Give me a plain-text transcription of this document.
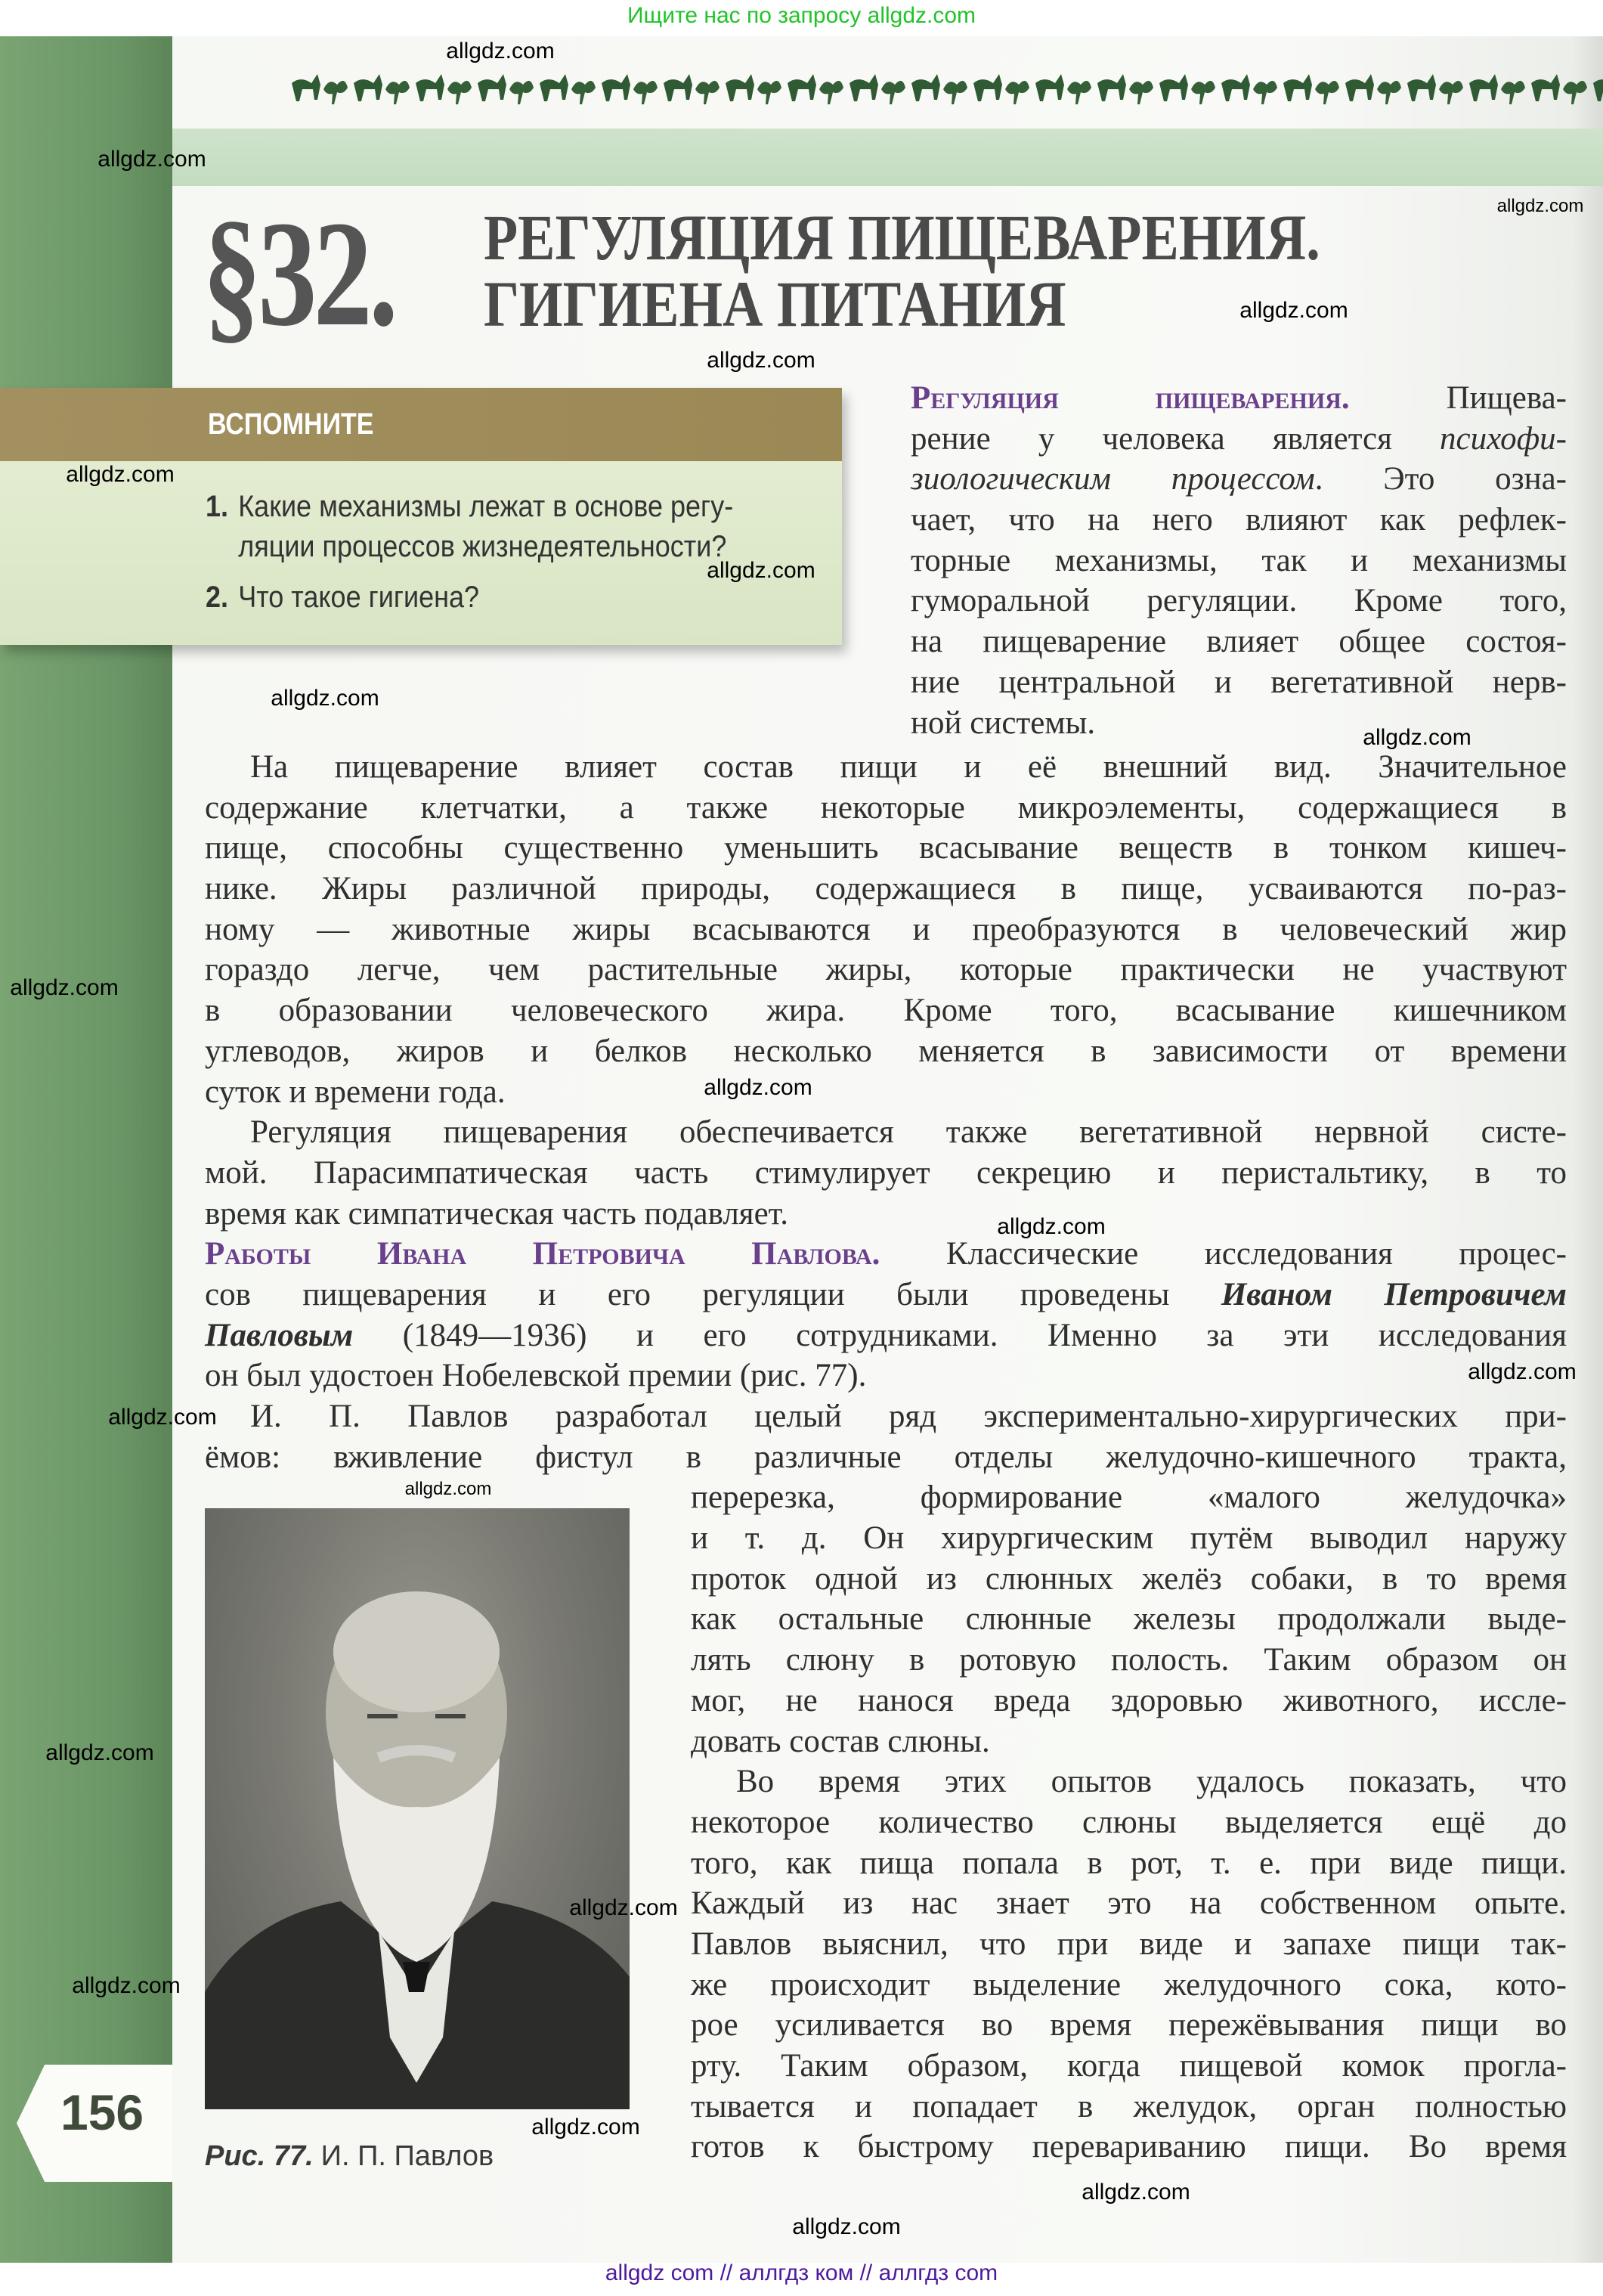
Ищите нас по запросу allgdz.com
§32. РЕГУЛЯЦИЯ ПИЩЕВАРЕНИЯ.
ГИГИЕНА ПИТАНИЯ
ВСПОМНИТЕ
1. Какие механизмы лежат в основе регу-
ляции процессов жизнедеятельности?
2. Что такое гигиена?
Регуляция пищеварения. Пищева-
рение у человека является психофи-
зиологическим процессом. Это озна-
чает, что на него влияют как рефлек-
торные механизмы, так и механизмы
гуморальной регуляции. Кроме того,
на пищеварение влияет общее состоя-
ние центральной и вегетативной нерв-
ной системы.
На пищеварение влияет состав пищи и её внешний вид. Значительное
содержание клетчатки, а также некоторые микроэлементы, содержащиеся в
пище, способны существенно уменьшить всасывание веществ в тонком кишеч-
нике. Жиры различной природы, содержащиеся в пище, усваиваются по-раз-
ному — животные жиры всасываются и преобразуются в человеческий жир
гораздо легче, чем растительные жиры, которые практически не участвуют
в образовании человеческого жира. Кроме того, всасывание кишечником
углеводов, жиров и белков несколько меняется в зависимости от времени
суток и времени года.
Регуляция пищеварения обеспечивается также вегетативной нервной систе-
мой. Парасимпатическая часть стимулирует секрецию и перистальтику, в то
время как симпатическая часть подавляет.
Работы Ивана Петровича Павлова. Классические исследования процес-
сов пищеварения и его регуляции были проведены Иваном Петровичем
Павловым (1849—1936) и его сотрудниками. Именно за эти исследования
он был удостоен Нобелевской премии (рис. 77).
И. П. Павлов разработал целый ряд экспериментально-хирургических при-
ёмов: вживление фистул в различные отделы желудочно-кишечного тракта,
перерезка, формирование «малого желудочка»
и т. д. Он хирургическим путём выводил наружу
проток одной из слюнных желёз собаки, в то время
как остальные слюнные железы продолжали выде-
лять слюну в ротовую полость. Таким образом он
мог, не нанося вреда здоровью животного, иссле-
довать состав слюны.
Во время этих опытов удалось показать, что
некоторое количество слюны выделяется ещё до
того, как пища попала в рот, т. е. при виде пищи.
Каждый из нас знает это на собственном опыте.
Павлов выяснил, что при виде и запахе пищи так-
же происходит выделение желудочного сока, кото-
рое усиливается во время пережёвывания пищи во
рту. Таким образом, когда пищевой комок прогла-
тывается и попадает в желудок, орган полностью
готов к быстрому перевариванию пищи. Во время
Рис. 77. И. П. Павлов
156
allgdz.com
allgdz.com
allgdz.com
allgdz.com
allgdz.com
allgdz.com
allgdz.com
allgdz.com
allgdz.com
allgdz.com
allgdz.com
allgdz.com
allgdz.com
allgdz.com
allgdz.com
allgdz.com
allgdz.com
allgdz.com
allgdz.com
allgdz.com
allgdz.com
allgdz com // аллгдз ком // аллгдз com
